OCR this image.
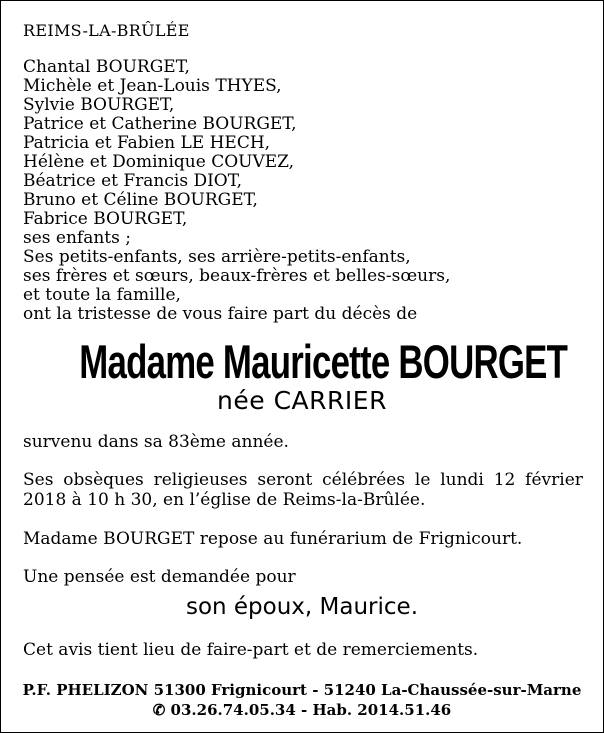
REIMS-LA-BRÛLÉE
Chantal BOURGET,
Michèle et Jean-Louis THYES,
Sylvie BOURGET,
Patrice et Catherine BOURGET,
Patricia et Fabien LE HECH,
Hélène et Dominique COUVEZ,
Béatrice et Francis DIOT,
Bruno et Céline BOURGET,
Fabrice BOURGET,
ses enfants ;
Ses petits-enfants, ses arrière-petits-enfants,
ses frères et sœurs, beaux-frères et belles-sœurs,
et toute la famille,
ont la tristesse de vous faire part du décès de
Madame Mauricette BOURGET
née CARRIER
survenu dans sa 83ème année.
Ses obsèques religieuses seront célébrées le lundi 12 février
2018 à 10 h 30, en l’église de Reims-la-Brûlée.
Madame BOURGET repose au funérarium de Frignicourt.
Une pensée est demandée pour
son époux, Maurice.
Cet avis tient lieu de faire-part et de remerciements.
P.F. PHELIZON 51300 Frignicourt - 51240 La-Chaussée-sur-Marne
✆ 03.26.74.05.34 - Hab. 2014.51.46
